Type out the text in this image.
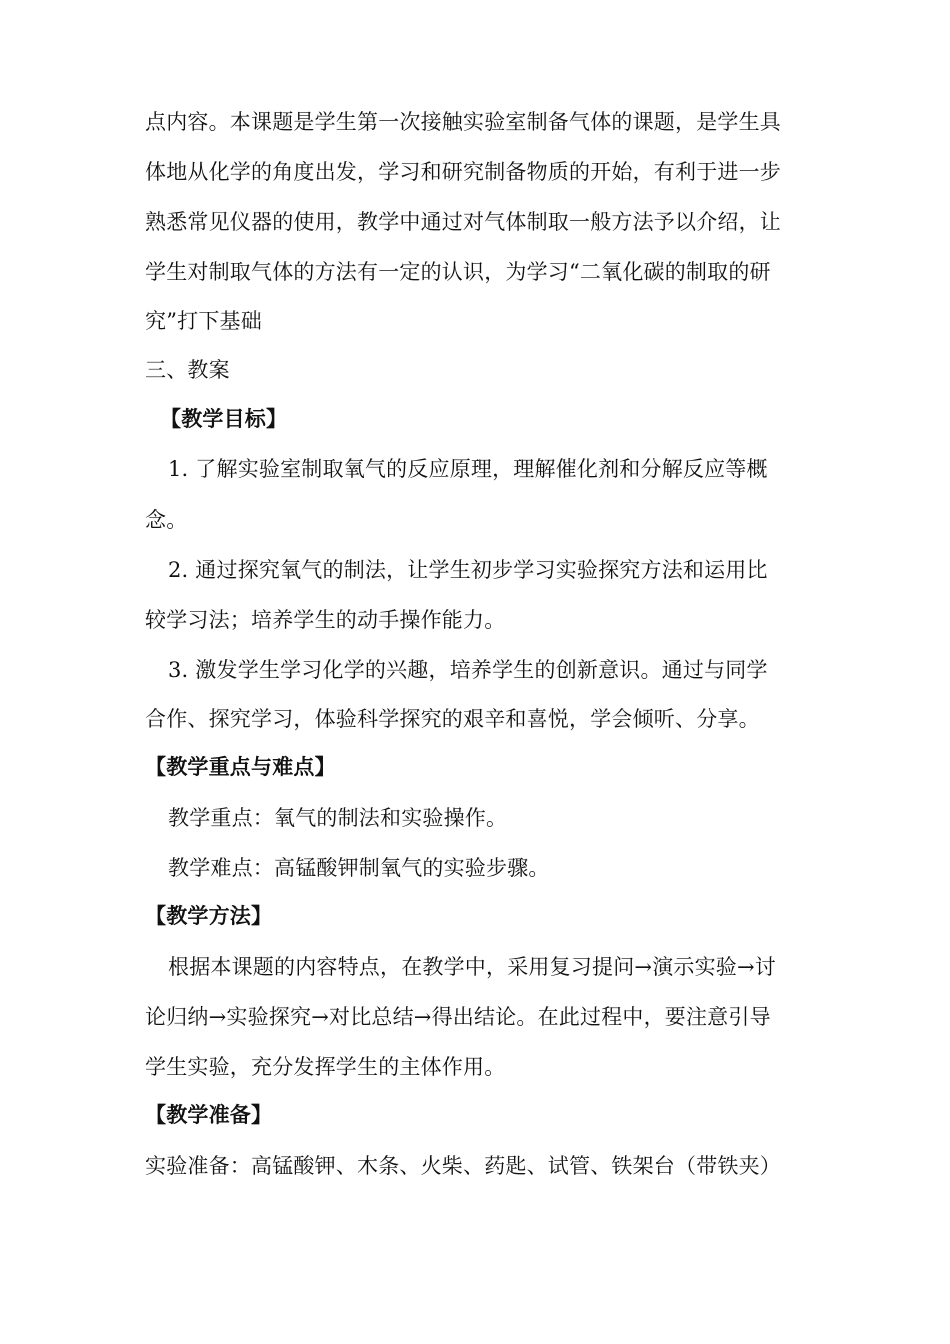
点内容。本课题是学生第一次接触实验室制备气体的课题，是学生具
体地从化学的角度出发，学习和研究制备物质的开始，有利于进一步
熟悉常见仪器的使用，教学中通过对气体制取一般方法予以介绍，让
学生对制取气体的方法有一定的认识，为学习“二氧化碳的制取的研
究”打下基础
三、教案
【教学目标】
1. 了解实验室制取氧气的反应原理，理解催化剂和分解反应等概
念。
2. 通过探究氧气的制法，让学生初步学习实验探究方法和运用比
较学习法；培养学生的动手操作能力。
3. 激发学生学习化学的兴趣，培养学生的创新意识。通过与同学
合作、探究学习，体验科学探究的艰辛和喜悦，学会倾听、分享。
【教学重点与难点】
教学重点：氧气的制法和实验操作。
教学难点：高锰酸钾制氧气的实验步骤。
【教学方法】
根据本课题的内容特点，在教学中，采用复习提问→演示实验→讨
论归纳→实验探究→对比总结→得出结论。在此过程中，要注意引导
学生实验，充分发挥学生的主体作用。
【教学准备】
实验准备：高锰酸钾、木条、火柴、药匙、试管、铁架台（带铁夹）
